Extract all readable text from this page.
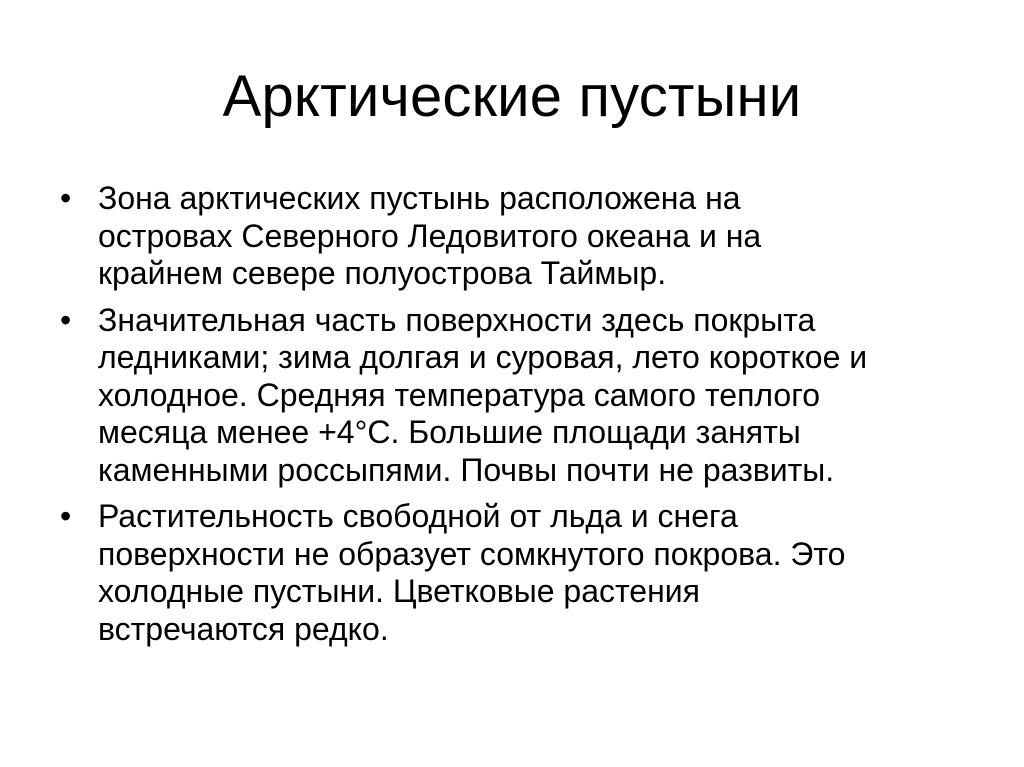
Арктические пустыни
• Зона арктических пустынь расположена на
островах Северного Ледовитого океана и на
крайнем севере полуострова Таймыр.
• Значительная часть поверхности здесь покрыта
ледниками; зима долгая и суровая, лето короткое и
холодное. Средняя температура самого теплого
месяца менее +4°С. Большие площади заняты
каменными россыпями. Почвы почти не развиты.
• Растительность свободной от льда и снега
поверхности не образует сомкнутого покрова. Это
холодные пустыни. Цветковые растения
встречаются редко.
